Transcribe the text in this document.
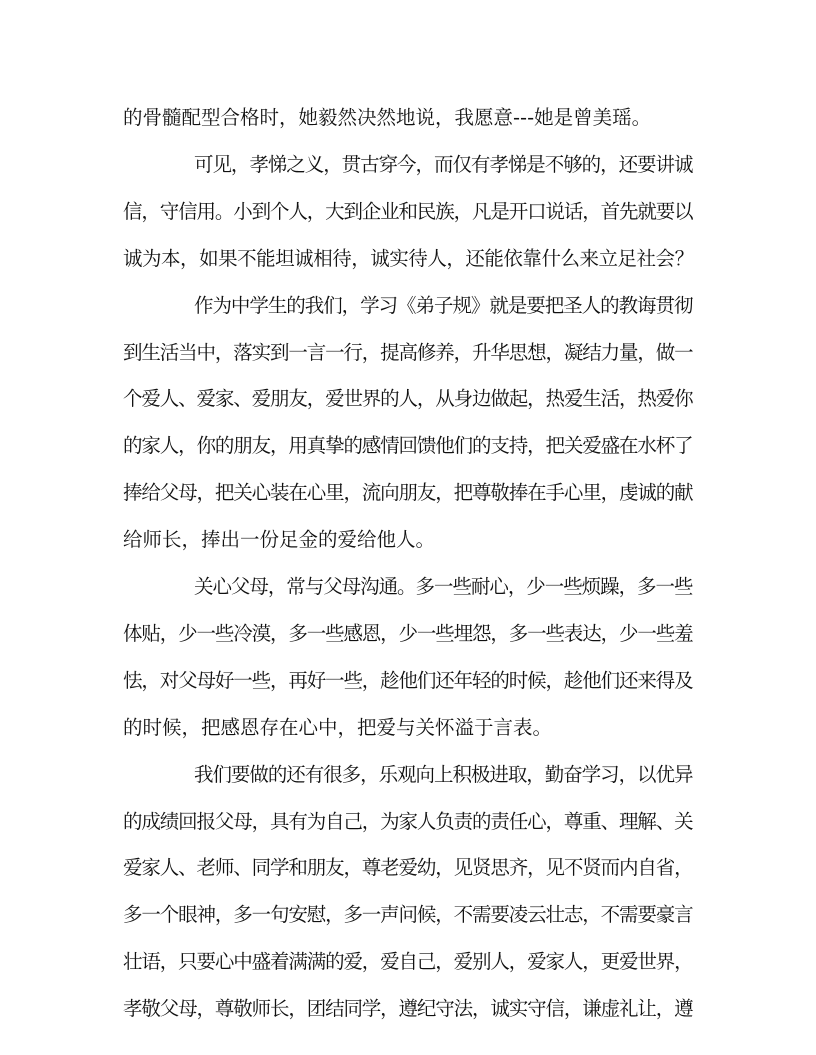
的骨髓配型合格时，她毅然决然地说，我愿意---她是曾美瑶。
可见，孝悌之义，贯古穿今，而仅有孝悌是不够的，还要讲诚
信，守信用。小到个人，大到企业和民族，凡是开口说话，首先就要以
诚为本，如果不能坦诚相待，诚实待人，还能依靠什么来立足社会？
作为中学生的我们，学习《弟子规》就是要把圣人的教诲贯彻
到生活当中，落实到一言一行，提高修养，升华思想，凝结力量，做一
个爱人、爱家、爱朋友，爱世界的人，从身边做起，热爱生活，热爱你
的家人，你的朋友，用真挚的感情回馈他们的支持，把关爱盛在水杯了
捧给父母，把关心装在心里，流向朋友，把尊敬捧在手心里，虔诚的献
给师长，捧出一份足金的爱给他人。
关心父母，常与父母沟通。多一些耐心，少一些烦躁，多一些
体贴，少一些冷漠，多一些感恩，少一些埋怨，多一些表达，少一些羞
怯，对父母好一些，再好一些，趁他们还年轻的时候，趁他们还来得及
的时候，把感恩存在心中，把爱与关怀溢于言表。
我们要做的还有很多，乐观向上积极进取，勤奋学习，以优异
的成绩回报父母，具有为自己，为家人负责的责任心，尊重、理解、关
爱家人、老师、同学和朋友，尊老爱幼，见贤思齐，见不贤而内自省，
多一个眼神，多一句安慰，多一声问候，不需要凌云壮志，不需要豪言
壮语，只要心中盛着满满的爱，爱自己，爱别人，爱家人，更爱世界，
孝敬父母，尊敬师长，团结同学，遵纪守法，诚实守信，谦虚礼让，遵
